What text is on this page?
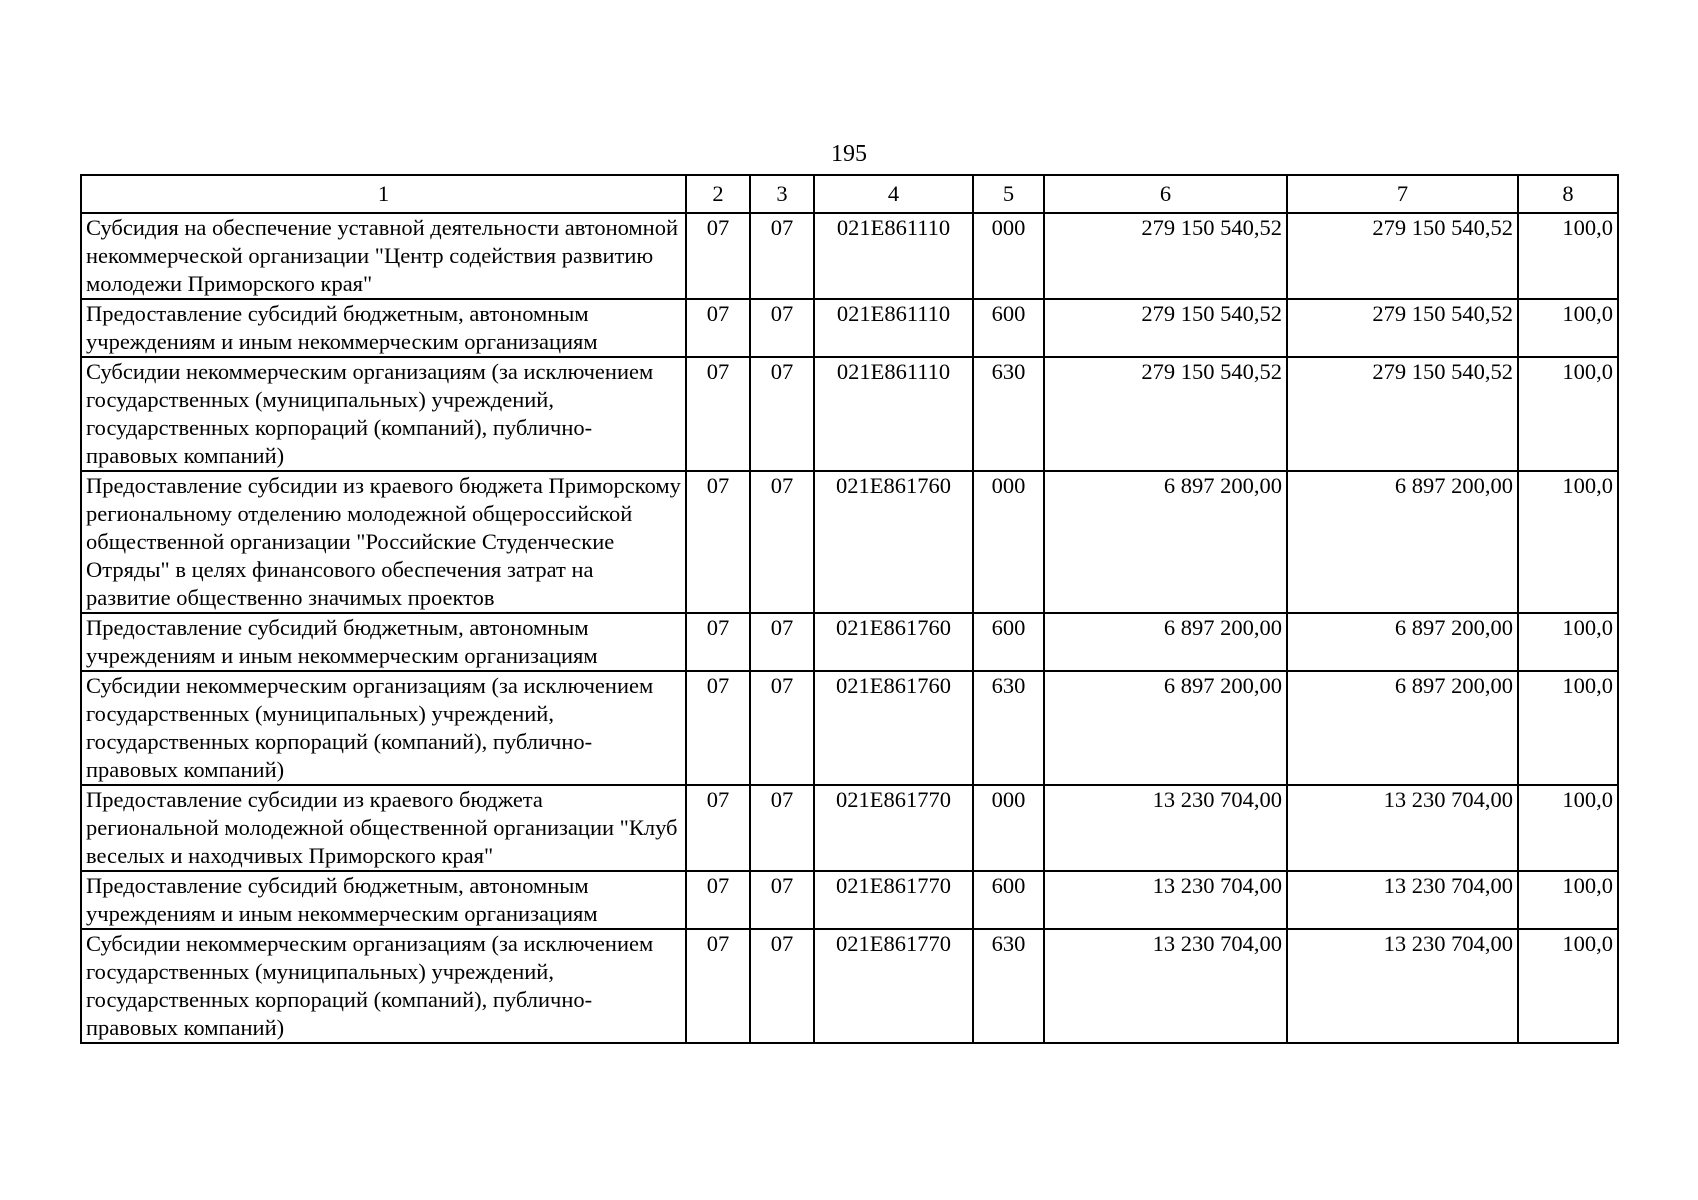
195
1	2	3	4	5	6	7	8
Субсидия на обеспечение уставной деятельности автономной некоммерческой организации "Центр содействия развитию молодежи Приморского края"	07	07	021E861110	000	279 150 540,52	279 150 540,52	100,0
Предоставление субсидий бюджетным, автономным учреждениям и иным некоммерческим организациям	07	07	021E861110	600	279 150 540,52	279 150 540,52	100,0
Субсидии некоммерческим организациям (за исключением государственных (муниципальных) учреждений, государственных корпораций (компаний), публично-правовых компаний)	07	07	021E861110	630	279 150 540,52	279 150 540,52	100,0
Предоставление субсидии из краевого бюджета Приморскому региональному отделению молодежной общероссийской общественной организации "Российские Студенческие Отряды" в целях финансового обеспечения затрат на развитие общественно значимых проектов	07	07	021E861760	000	6 897 200,00	6 897 200,00	100,0
Предоставление субсидий бюджетным, автономным учреждениям и иным некоммерческим организациям	07	07	021E861760	600	6 897 200,00	6 897 200,00	100,0
Субсидии некоммерческим организациям (за исключением государственных (муниципальных) учреждений, государственных корпораций (компаний), публично-правовых компаний)	07	07	021E861760	630	6 897 200,00	6 897 200,00	100,0
Предоставление субсидии из краевого бюджета региональной молодежной общественной организации "Клуб веселых и находчивых Приморского края"	07	07	021E861770	000	13 230 704,00	13 230 704,00	100,0
Предоставление субсидий бюджетным, автономным учреждениям и иным некоммерческим организациям	07	07	021E861770	600	13 230 704,00	13 230 704,00	100,0
Субсидии некоммерческим организациям (за исключением государственных (муниципальных) учреждений, государственных корпораций (компаний), публично-правовых компаний)	07	07	021E861770	630	13 230 704,00	13 230 704,00	100,0
